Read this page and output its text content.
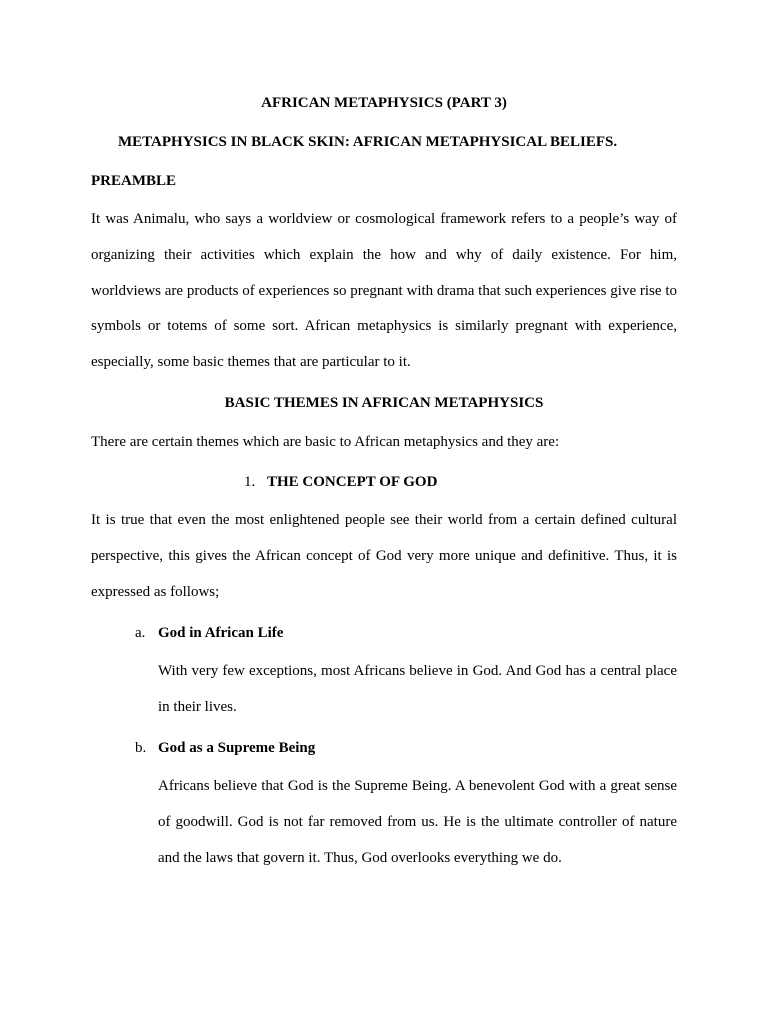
AFRICAN METAPHYSICS (PART 3)
METAPHYSICS IN BLACK SKIN: AFRICAN METAPHYSICAL BELIEFS.
PREAMBLE

It was Animalu, who says a worldview or cosmological framework refers to a people’s way of organizing their activities which explain the how and why of daily existence. For him, worldviews are products of experiences so pregnant with drama that such experiences give rise to symbols or totems of some sort. African metaphysics is similarly pregnant with experience, especially, some basic themes that are particular to it.

BASIC THEMES IN AFRICAN METAPHYSICS
There are certain themes which are basic to African metaphysics and they are:
1. THE CONCEPT OF GOD

It is true that even the most enlightened people see their world from a certain defined cultural perspective, this gives the African concept of God very more unique and definitive. Thus, it is expressed as follows;

a. God in African Life

With very few exceptions, most Africans believe in God. And God has a central place in their lives.

b. God as a Supreme Being

Africans believe that God is the Supreme Being. A benevolent God with a great sense of goodwill. God is not far removed from us. He is the ultimate controller of nature and the laws that govern it. Thus, God overlooks everything we do.
